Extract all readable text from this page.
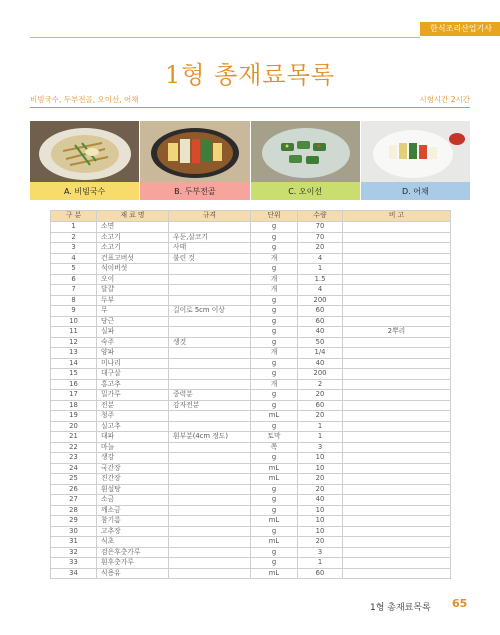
한식조리산업기사
1형 총재료목록
비빔국수, 두부전골, 오이선, 어채	시험시간 2시간
A. 비빔국수	B. 두부전골	C. 오이선	D. 어채
구 분	재 료 명	규격	단위	수량	비 고
1	소면		g	70	
2	소고기	우둔,살코기	g	70	
3	소고기	사태	g	20	
4	건표고버섯	불린 것	개	4	
5	석이버섯		g	1	
6	오이		개	1.5	
7	달걀		개	4	
8	두부		g	200	
9	무	길이로 5cm 이상	g	60	
10	당근		g	60	
11	실파		g	40	2뿌리
12	숙주	생것	g	50	
13	양파		개	1/4	
14	미나리		g	40	
15	대구살		g	200	
16	홍고추		개	2	
17	밀가루	중력분	g	20	
18	전분	감자전분	g	60	
19	청주		mL	20	
20	실고추		g	1	
21	대파	흰부분(4cm 정도)	토막	1	
22	마늘		쪽	3	
23	생강		g	10	
24	국간장		mL	10	
25	진간장		mL	20	
26	흰설탕		g	20	
27	소금		g	40	
28	깨소금		g	10	
29	참기름		mL	10	
30	고추장		g	10	
31	식초		mL	20	
32	검은후춧가루		g	3	
33	흰후춧가루		g	1	
34	식용유		mL	60	
1형 총재료목록 65
